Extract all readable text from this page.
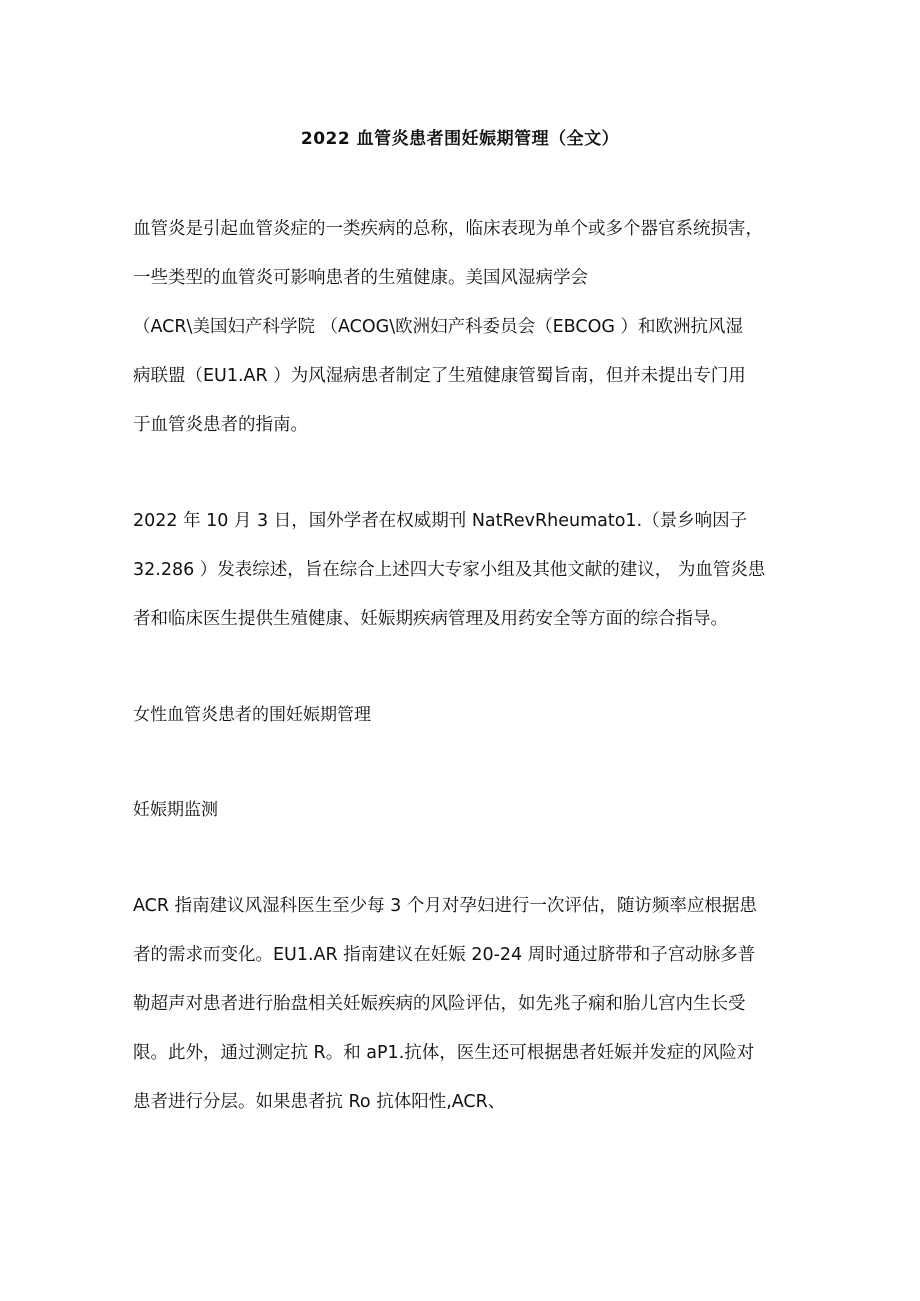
2022 血管炎患者围妊娠期管理（全文）
血管炎是引起血管炎症的一类疾病的总称，临床表现为单个或多个器官系统损害，
一些类型的血管炎可影响患者的生殖健康。美国风湿病学会
（ACR\美国妇产科学院 （ACOG\欧洲妇产科委员会（EBCOG ）和欧洲抗风湿
病联盟（EU1.AR ）为风湿病患者制定了生殖健康管蜀旨南，但并未提出专门用
于血管炎患者的指南。
2022 年 10 月 3 日，国外学者在权威期刊 NatRevRheumato1.（景乡响因子
32.286 ）发表综述，旨在综合上述四大专家小组及其他文献的建议， 为血管炎患
者和临床医生提供生殖健康、妊娠期疾病管理及用药安全等方面的综合指导。
女性血管炎患者的围妊娠期管理
妊娠期监测
ACR 指南建议风湿科医生至少每 3 个月对孕妇进行一次评估，随访频率应根据患
者的需求而变化。EU1.AR 指南建议在妊娠 20-24 周时通过脐带和子宫动脉多普
勒超声对患者进行胎盘相关妊娠疾病的风险评估，如先兆子痫和胎儿宫内生长受
限。此外，通过测定抗 R。和 aP1.抗体，医生还可根据患者妊娠并发症的风险对
患者进行分层。如果患者抗 Ro 抗体阳性,ACR、
